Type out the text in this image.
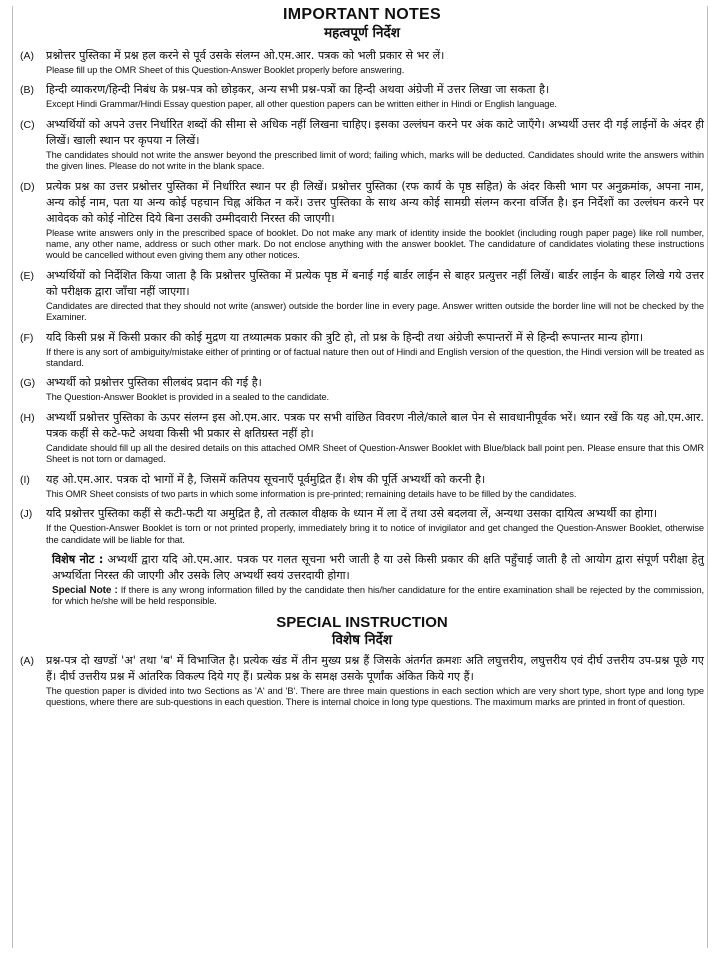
IMPORTANT NOTES
महत्वपूर्ण निर्देश
(A)	प्रश्नोत्तर पुस्तिका में प्रश्न हल करने से पूर्व उसके संलग्न ओ.एम.आर. पत्रक को भली प्रकार से भर लें।

Please fill up the OMR Sheet of this Question-Answer Booklet properly before answering.

(B)	हिन्दी व्याकरण/हिन्दी निबंध के प्रश्न-पत्र को छोड़कर, अन्य सभी प्रश्न-पत्रों का हिन्दी अथवा अंग्रेजी में उत्तर लिखा जा सकता है।

Except Hindi Grammar/Hindi Essay question paper, all other question papers can be written either in Hindi or English language.

(C)	अभ्यर्थियों को अपने उत्तर निर्धारित शब्दों की सीमा से अधिक नहीं लिखना चाहिए। इसका उल्लंघन करने पर अंक काटे जाएँगे। अभ्यर्थी उत्तर दी गई लाईनों के अंदर ही लिखें। खाली स्थान पर कृपया न लिखें।

The candidates should not write the answer beyond the prescribed limit of word; failing which, marks will be deducted. Candidates should write the answers within the given lines. Please do not write in the blank space.

(D)	प्रत्येक प्रश्न का उत्तर प्रश्नोत्तर पुस्तिका में निर्धारित स्थान पर ही लिखें। प्रश्नोत्तर पुस्तिका (रफ कार्य के पृष्ठ सहित) के अंदर किसी भाग पर अनुक्रमांक, अपना नाम, अन्य कोई नाम, पता या अन्य कोई पहचान चिह्न अंकित न करें। उत्तर पुस्तिका के साथ अन्य कोई सामग्री संलग्न करना वर्जित है। इन निर्देशों का उल्लंघन करने पर आवेदक को कोई नोटिस दिये बिना उसकी उम्मीदवारी निरस्त की जाएगी।

Please write answers only in the prescribed space of booklet. Do not make any mark of identity inside the booklet (including rough paper page) like roll number, name, any other name, address or such other mark. Do not enclose anything with the answer booklet. The candidature of candidates violating these instructions would be cancelled without even giving them any other notices.

(E)	अभ्यर्थियों को निर्देशित किया जाता है कि प्रश्नोत्तर पुस्तिका में प्रत्येक पृष्ठ में बनाई गई बार्डर लाईन से बाहर प्रत्युत्तर नहीं लिखें। बार्डर लाईन के बाहर लिखे गये उत्तर को परीक्षक द्वारा जाँचा नहीं जाएगा।

Candidates are directed that they should not write (answer) outside the border line in every page. Answer written outside the border line will not be checked by the Examiner.

(F)	यदि किसी प्रश्न में किसी प्रकार की कोई मुद्रण या तथ्यात्मक प्रकार की त्रुटि हो, तो प्रश्न के हिन्दी तथा अंग्रेजी रूपान्तरों में से हिन्दी रूपान्तर मान्य होगा।

If there is any sort of ambiguity/mistake either of printing or of factual nature then out of Hindi and English version of the question, the Hindi version will be treated as standard.

(G) अभ्यर्थी को प्रश्नोत्तर पुस्तिका सीलबंद प्रदान की गई है।

The Question-Answer Booklet is provided in a sealed to the candidate.

(H)	अभ्यर्थी प्रश्नोत्तर पुस्तिका के ऊपर संलग्न इस ओ.एम.आर. पत्रक पर सभी वांछित विवरण नीले/काले बाल पेन से सावधानीपूर्वक भरें। ध्यान रखें कि यह ओ.एम.आर. पत्रक कहीं से कटे-फटे अथवा किसी भी प्रकार से क्षतिग्रस्त नहीं हो।

Candidate should fill up all the desired details on this attached OMR Sheet of Question-Answer Booklet with Blue/black ball point pen. Please ensure that this OMR Sheet is not torn or damaged.

(I)	यह ओ.एम.आर. पत्रक दो भागों में है, जिसमें कतिपय सूचनाएँ पूर्वमुद्रित हैं। शेष की पूर्ति अभ्यर्थी को करनी है।

This OMR Sheet consists of two parts in which some information is pre-printed; remaining details have to be filled by the candidates.

(J)	यदि प्रश्नोत्तर पुस्तिका कहीं से कटी-फटी या अमुद्रित है, तो तत्काल वीक्षक के ध्यान में ला दें तथा उसे बदलवा लें, अन्यथा उसका दायित्व अभ्यर्थी का होगा।

If the Question-Answer Booklet is torn or not printed properly, immediately bring it to notice of invigilator and get changed the Question-Answer Booklet, otherwise the candidate will be liable for that.

विशेष नोट : अभ्यर्थी द्वारा यदि ओ.एम.आर. पत्रक पर गलत सूचना भरी जाती है या उसे किसी प्रकार की क्षति पहुँचाई जाती है तो आयोग द्वारा संपूर्ण परीक्षा हेतु अभ्यर्थिता निरस्त की जाएगी और उसके लिए अभ्यर्थी स्वयं उत्तरदायी होगा।

Special Note : If there is any wrong information filled by the candidate then his/her candidature for the entire examination shall be rejected by the commission, for which he/she will be held responsible.

SPECIAL INSTRUCTION
विशेष निर्देश
(A)	प्रश्न-पत्र दो खण्डों 'अ' तथा 'ब' में विभाजित है। प्रत्येक खंड में तीन मुख्य प्रश्न हैं जिसके अंतर्गत क्रमशः अति लघुत्तरीय, लघुत्तरीय एवं दीर्घ उत्तरीय उप-प्रश्न पूछे गए हैं। दीर्घ उत्तरीय प्रश्न में आंतरिक विकल्प दिये गए हैं। प्रत्येक प्रश्न के समक्ष उसके पूर्णांक अंकित किये गए हैं।

The question paper is divided into two Sections as 'A' and 'B'. There are three main questions in each section which are very short type, short type and long type questions, where there are sub-questions in each question. There is internal choice in long type questions. The maximum marks are printed in front of question.
